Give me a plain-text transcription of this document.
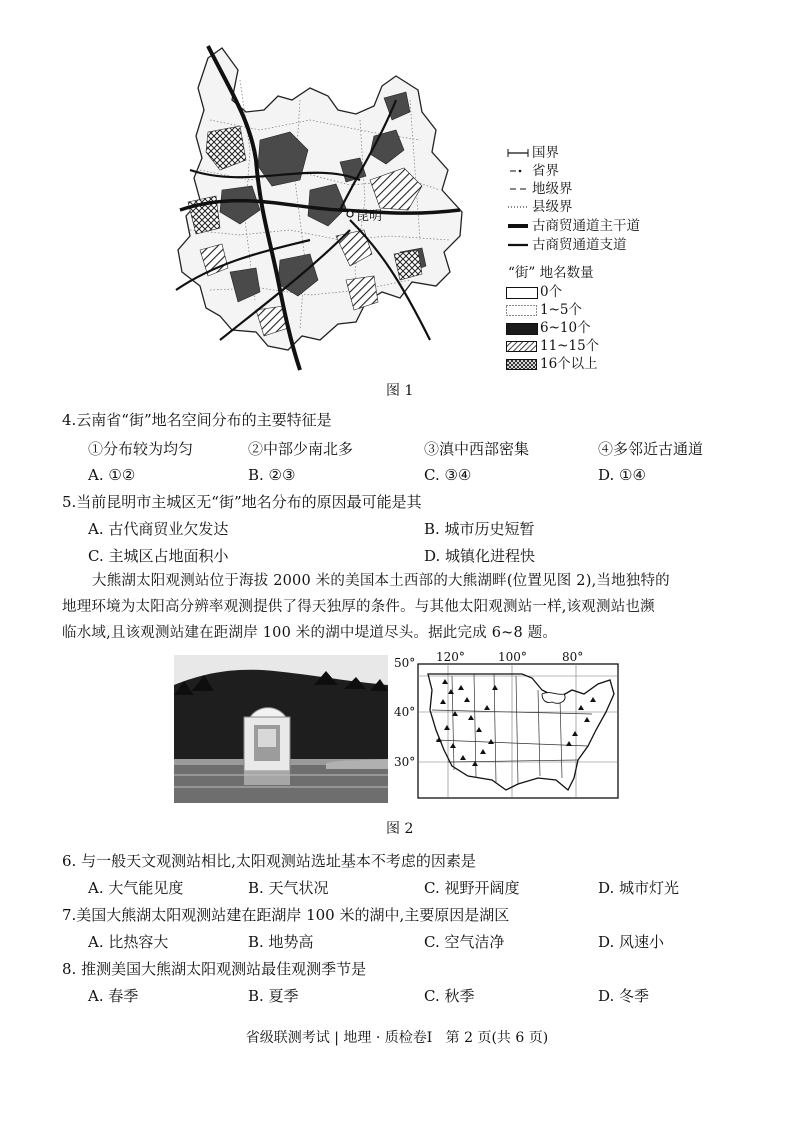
昆明
国界
省界
地级界
县级界
古商贸通道主干道
古商贸通道支道
“街” 地名数量
0个
1~5个
6~10个
11~15个
16个以上
图 1
4.云南省“街”地名空间分布的主要特征是
①分布较为均匀	②中部少南北多	③滇中西部密集	④多邻近古通道
A. ①②	B. ②③	C. ③④	D. ①④
5.当前昆明市主城区无“街”地名分布的原因最可能是其
A. 古代商贸业欠发达	B. 城市历史短暂
C. 主城区占地面积小	D. 城镇化进程快
大熊湖太阳观测站位于海拔 2000 米的美国本土西部的大熊湖畔(位置见图 2),当地独特的
地理环境为太阳高分辨率观测提供了得天独厚的条件。与其他太阳观测站一样,该观测站也濒
临水域,且该观测站建在距湖岸 100 米的湖中堤道尽头。据此完成 6~8 题。
50°
40°
30°
120°	100°	80°
图 2
6. 与一般天文观测站相比,太阳观测站选址基本不考虑的因素是
A. 大气能见度	B. 天气状况	C. 视野开阔度	D. 城市灯光
7.美国大熊湖太阳观测站建在距湖岸 100 米的湖中,主要原因是湖区
A. 比热容大	B. 地势高	C. 空气洁净	D. 风速小
8. 推测美国大熊湖太阳观测站最佳观测季节是
A. 春季	B. 夏季	C. 秋季	D. 冬季
省级联测考试 | 地理 · 质检卷Ⅰ   第 2 页(共 6 页)
